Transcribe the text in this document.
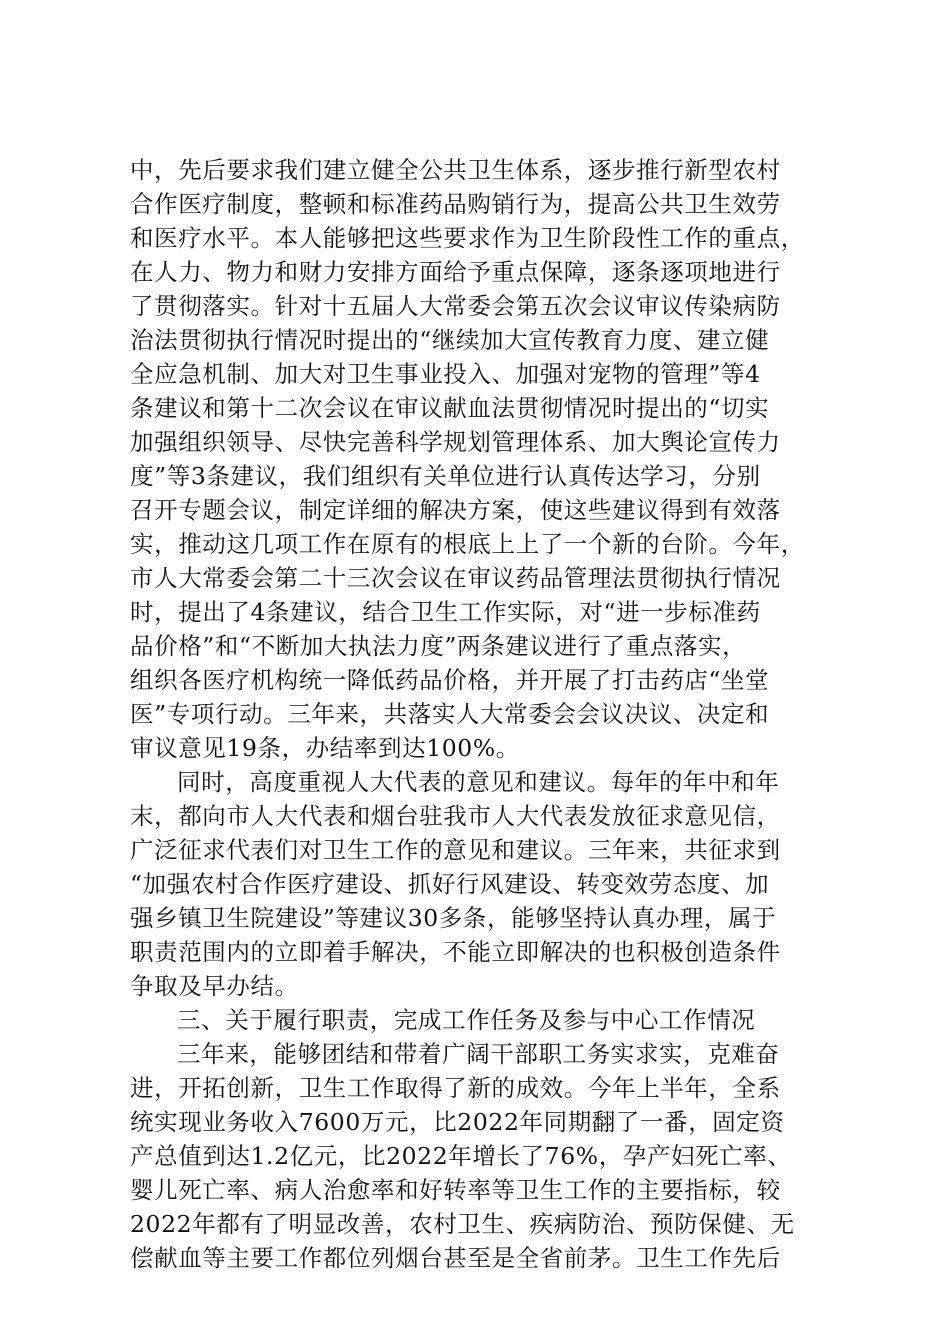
中，先后要求我们建立健全公共卫生体系，逐步推行新型农村
合作医疗制度，整顿和标准药品购销行为，提高公共卫生效劳
和医疗水平。本人能够把这些要求作为卫生阶段性工作的重点，
在人力、物力和财力安排方面给予重点保障，逐条逐项地进行
了贯彻落实。针对十五届人大常委会第五次会议审议传染病防
治法贯彻执行情况时提出的“继续加大宣传教育力度、建立健
全应急机制、加大对卫生事业投入、加强对宠物的管理”等4
条建议和第十二次会议在审议献血法贯彻情况时提出的“切实
加强组织领导、尽快完善科学规划管理体系、加大舆论宣传力
度”等3条建议，我们组织有关单位进行认真传达学习，分别
召开专题会议，制定详细的解决方案，使这些建议得到有效落
实，推动这几项工作在原有的根底上上了一个新的台阶。今年，
市人大常委会第二十三次会议在审议药品管理法贯彻执行情况
时，提出了4条建议，结合卫生工作实际，对“进一步标准药
品价格”和“不断加大执法力度”两条建议进行了重点落实，
组织各医疗机构统一降低药品价格，并开展了打击药店“坐堂
医”专项行动。三年来，共落实人大常委会会议决议、决定和
审议意见19条，办结率到达100%。
同时，高度重视人大代表的意见和建议。每年的年中和年
末，都向市人大代表和烟台驻我市人大代表发放征求意见信，
广泛征求代表们对卫生工作的意见和建议。三年来，共征求到
“加强农村合作医疗建设、抓好行风建设、转变效劳态度、加
强乡镇卫生院建设”等建议30多条，能够坚持认真办理，属于
职责范围内的立即着手解决，不能立即解决的也积极创造条件
争取及早办结。
三、关于履行职责，完成工作任务及参与中心工作情况
三年来，能够团结和带着广阔干部职工务实求实，克难奋
进，开拓创新，卫生工作取得了新的成效。今年上半年，全系
统实现业务收入7600万元，比2022年同期翻了一番，固定资
产总值到达1.2亿元，比2022年增长了76%，孕产妇死亡率、
婴儿死亡率、病人治愈率和好转率等卫生工作的主要指标，较
2022年都有了明显改善，农村卫生、疾病防治、预防保健、无
偿献血等主要工作都位列烟台甚至是全省前茅。卫生工作先后
